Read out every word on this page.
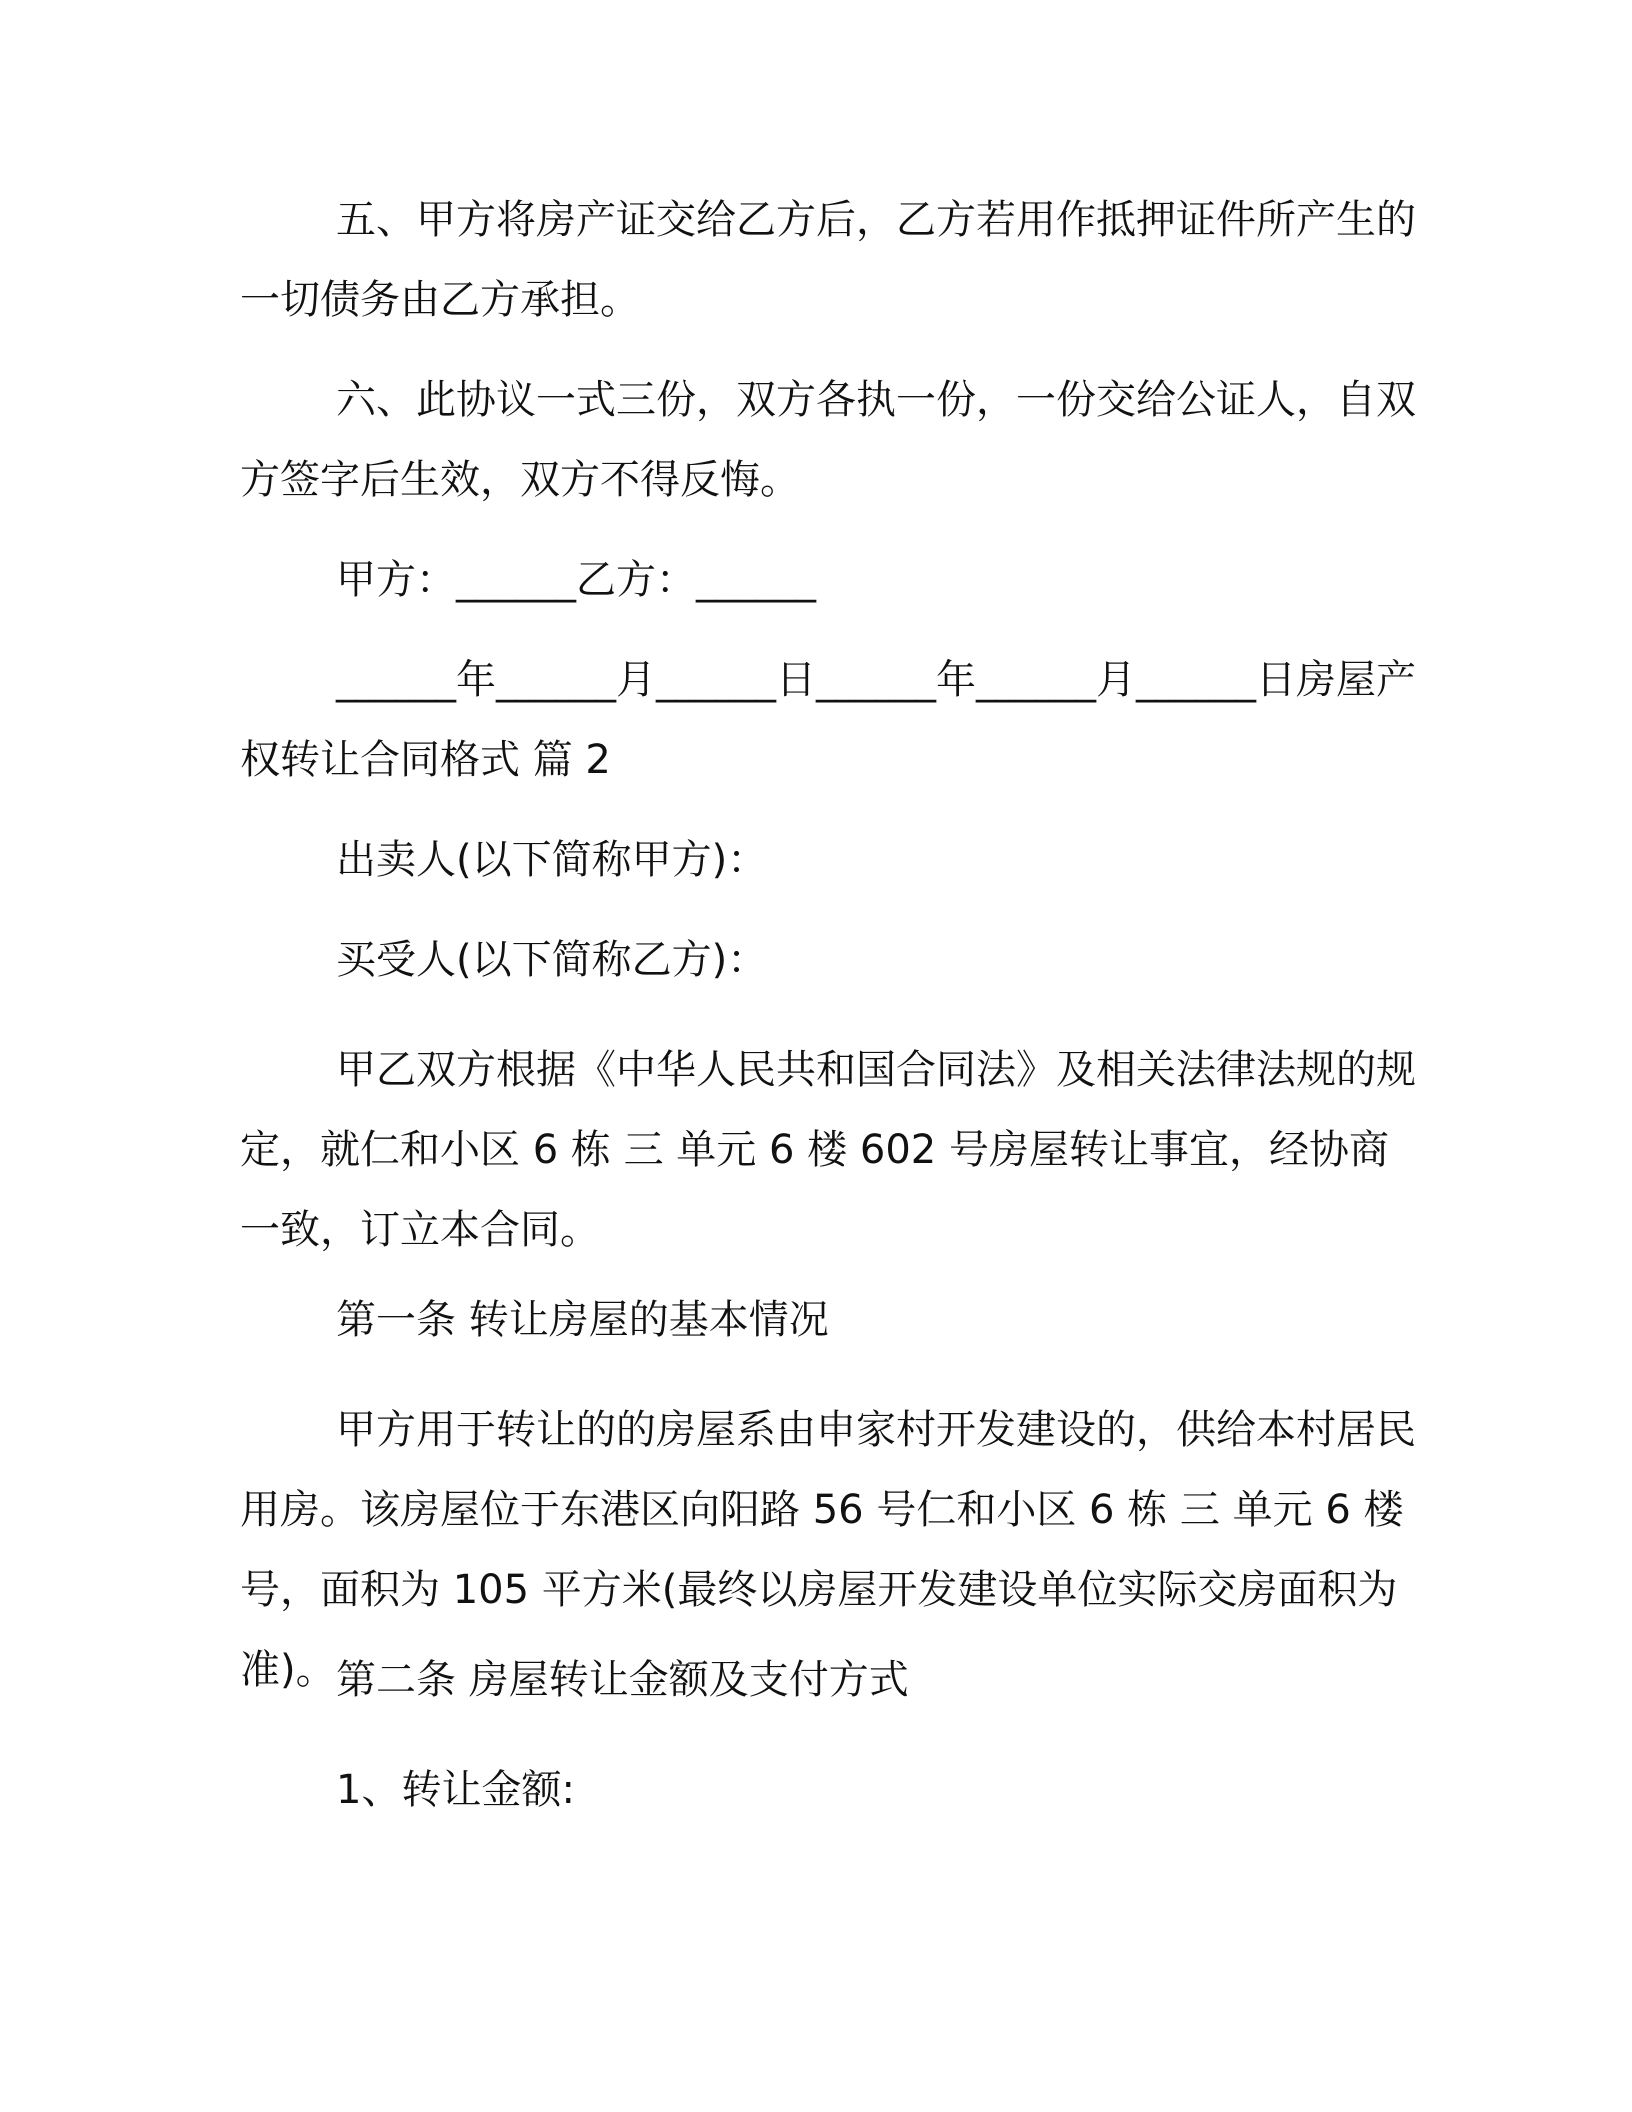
五、甲方将房产证交给乙方后，乙方若用作抵押证件所产生的一切债务由乙方承担。

六、此协议一式三份，双方各执一份，一份交给公证人，自双方签字后生效，双方不得反悔。

甲方：______乙方：______

______年______月______日______年______月______日房屋产权转让合同格式 篇 2

出卖人(以下简称甲方)：

买受人(以下简称乙方)：

甲乙双方根据《中华人民共和国合同法》及相关法律法规的规定，就仁和小区 6 栋 三 单元 6 楼 602 号房屋转让事宜，经协商一致，订立本合同。

第一条 转让房屋的基本情况

甲方用于转让的的房屋系由申家村开发建设的，供给本村居民用房。该房屋位于东港区向阳路 56 号仁和小区 6 栋 三 单元 6 楼 号，面积为 105 平方米(最终以房屋开发建设单位实际交房面积为准)。 第二条 房屋转让金额及支付方式

1、转让金额:
